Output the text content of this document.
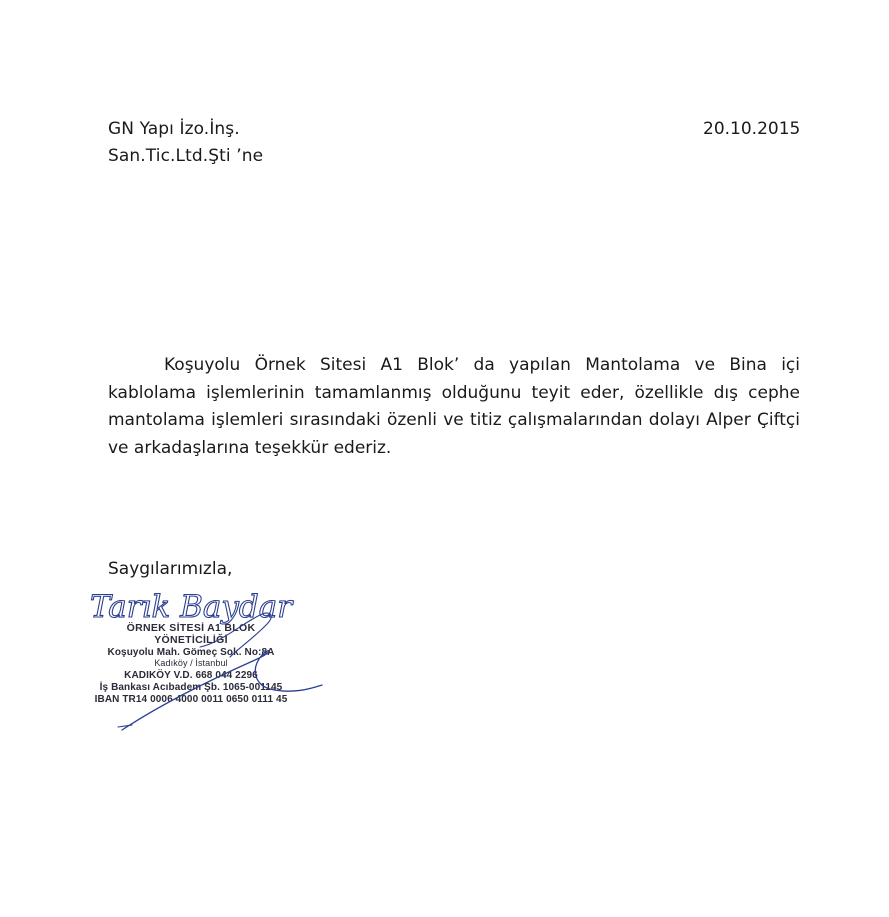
GN Yapı İzo.İnş.
San.Tic.Ltd.Şti ’ne
20.10.2015

Koşuyolu Örnek Sitesi A1 Blok’ da yapılan Mantolama ve Bina içi kablolama işlemlerinin tamamlanmış olduğunu teyit eder, özellikle dış cephe mantolama işlemleri sırasındaki özenli ve titiz çalışmalarından dolayı Alper Çiftçi ve arkadaşlarına teşekkür ederiz.

Saygılarımızla,
ÖRNEK SİTESİ A1 BLOK
YÖNETİCİLİĞİ
Koşuyolu Mah. Gömeç Sok. No:8A
Kadıköy / İstanbul
KADIKÖY V.D. 668 044 2296
İş Bankası Acıbadem Şb. 1065-001145
IBAN TR14 0006 4000 0011 0650 0111 45
Tarık Baydar
